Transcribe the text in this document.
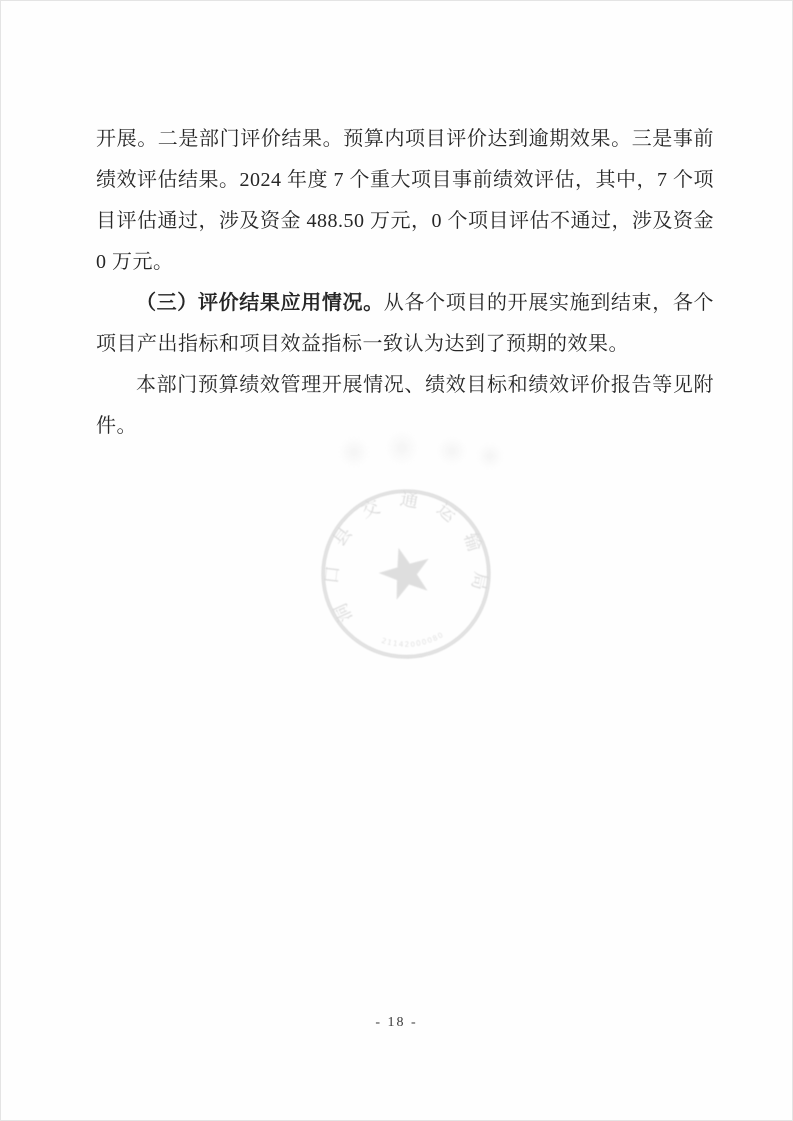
开展。二是部门评价结果。预算内项目评价达到逾期效果。三是事前
绩效评估结果。2024 年度 7 个重大项目事前绩效评估，其中，7 个项
目评估通过，涉及资金 488.50 万元，0 个项目评估不通过，涉及资金
0 万元。
（三）评价结果应用情况。从各个项目的开展实施到结束，各个
项目产出指标和项目效益指标一致认为达到了预期的效果。
本部门预算绩效管理开展情况、绩效目标和绩效评价报告等见附
件。
洞口县交通运输局
21142000080
- 18 -
